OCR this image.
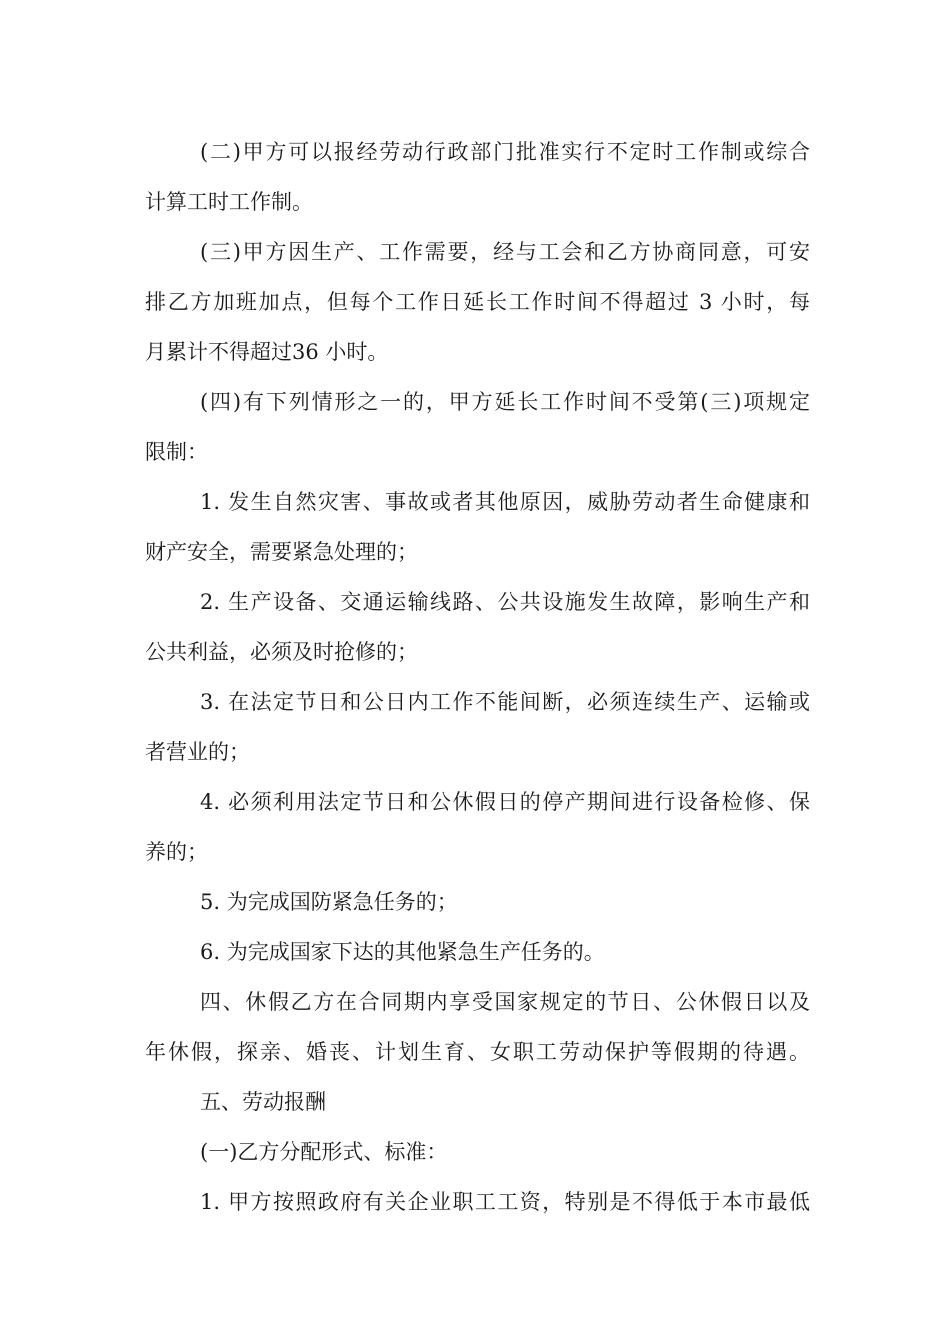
(二)甲方可以报经劳动行政部门批准实行不定时工作制或综合
计算工时工作制。
(三)甲方因生产、工作需要，经与工会和乙方协商同意，可安
排乙方加班加点，但每个工作日延长工作时间不得超过 3 小时，每
月累计不得超过36 小时。
(四)有下列情形之一的，甲方延长工作时间不受第(三)项规定
限制：
1. 发生自然灾害、事故或者其他原因，威胁劳动者生命健康和
财产安全，需要紧急处理的；
2. 生产设备、交通运输线路、公共设施发生故障，影响生产和
公共利益，必须及时抢修的；
3. 在法定节日和公日内工作不能间断，必须连续生产、运输或
者营业的；
4. 必须利用法定节日和公休假日的停产期间进行设备检修、保
养的；
5. 为完成国防紧急任务的；
6. 为完成国家下达的其他紧急生产任务的。
四、休假乙方在合同期内享受国家规定的节日、公休假日以及
年休假，探亲、婚丧、计划生育、女职工劳动保护等假期的待遇。
五、劳动报酬
(一)乙方分配形式、标准：
1. 甲方按照政府有关企业职工工资，特别是不得低于本市最低
